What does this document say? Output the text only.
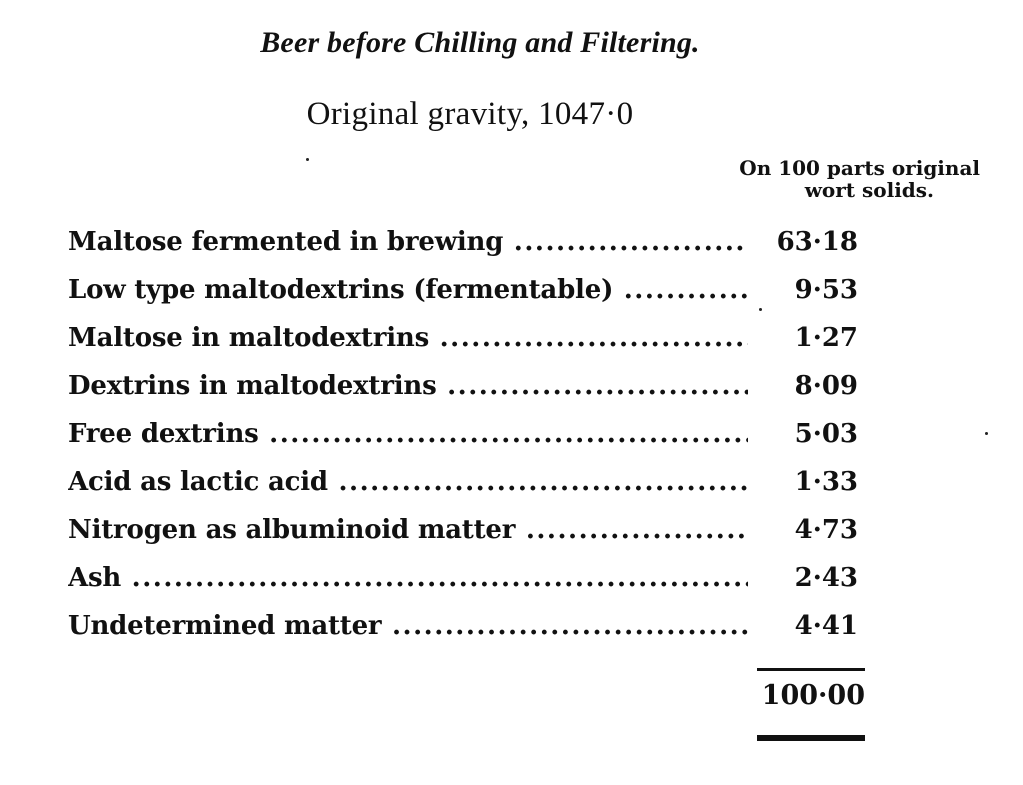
Beer before Chilling and Filtering.
Original gravity, 1047·0
On 100 parts original
wort solids.
Maltose fermented in brewing .....	63·18
Low type maltodextrins (fermentable) .....	9·53
Maltose in maltodextrins .....	1·27
Dextrins in maltodextrins .....	8·09
Free dextrins .....	5·03
Acid as lactic acid .....	1·33
Nitrogen as albuminoid matter .....	4·73
Ash .....	2·43
Undetermined matter .....	4·41
100·00
